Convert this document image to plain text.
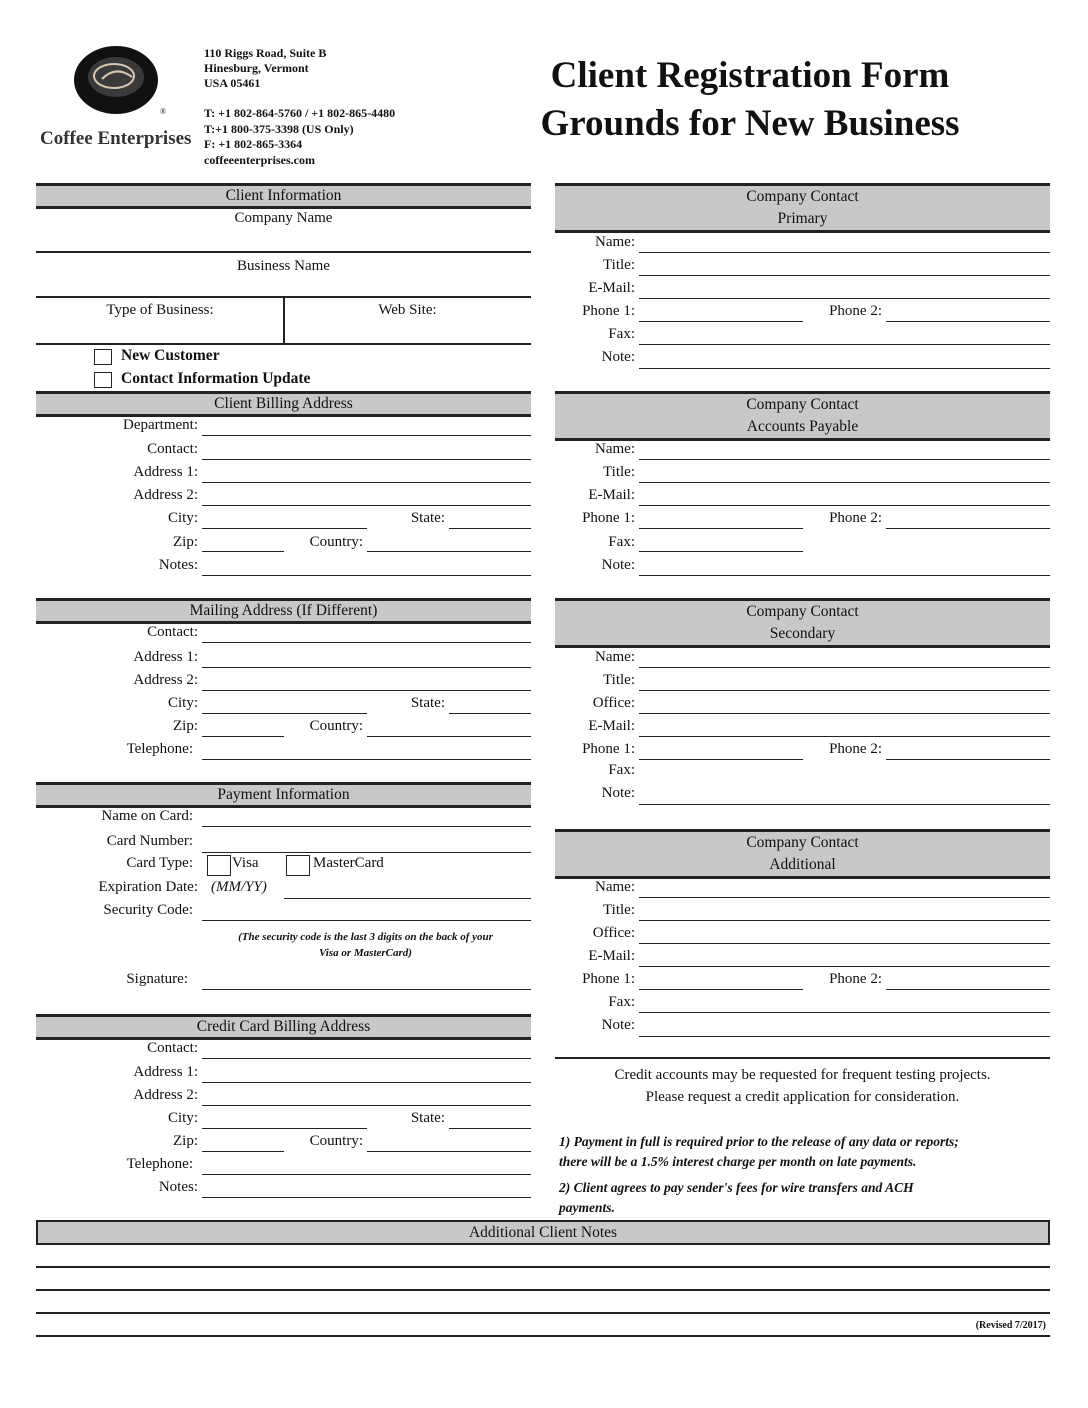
®
Coffee Enterprises
110 Riggs Road, Suite B
Hinesburg, Vermont
USA 05461
T: +1 802-864-5760 / +1 802-865-4480
T:+1 800-375-3398 (US Only)
F: +1 802-865-3364
coffeeenterprises.com
Client Registration Form
Grounds for New Business
Client Information
Company Name
Business Name
Type of Business:	Web Site:
New Customer
Contact Information Update
Client Billing Address
Department:
Contact:
Address 1:
Address 2:
City:	State:
Zip:	Country:
Notes:
Mailing Address (If Different)
Contact:
Address 1:
Address 2:
City:	State:
Zip:	Country:
Telephone:
Payment Information
Name on Card:
Card Number:
Card Type:	Visa	MasterCard
Expiration Date: (MM/YY)
Security Code:
(The security code is the last 3 digits on the back of your
Visa or MasterCard)
Signature:
Credit Card Billing Address
Contact:
Address 1:
Address 2:
City:	State:
Zip:	Country:
Telephone:
Notes:
Company Contact
Primary
Name:
Title:
E-Mail:
Phone 1:	Phone 2:
Fax:
Note:
Company Contact
Accounts Payable
Name:
Title:
E-Mail:
Phone 1:	Phone 2:
Fax:
Note:
Company Contact
Secondary
Name:
Title:
Office:
E-Mail:
Phone 1:	Phone 2:
Fax:
Note:
Company Contact
Additional
Name:
Title:
Office:
E-Mail:
Phone 1:	Phone 2:
Fax:
Note:
Credit accounts may be requested for frequent testing projects.
Please request a credit application for consideration.
1) Payment in full is required prior to the release of any data or reports;
there will be a 1.5% interest charge per month on late payments.
2) Client agrees to pay sender's fees for wire transfers and ACH
payments.
Additional Client Notes
(Revised 7/2017)
